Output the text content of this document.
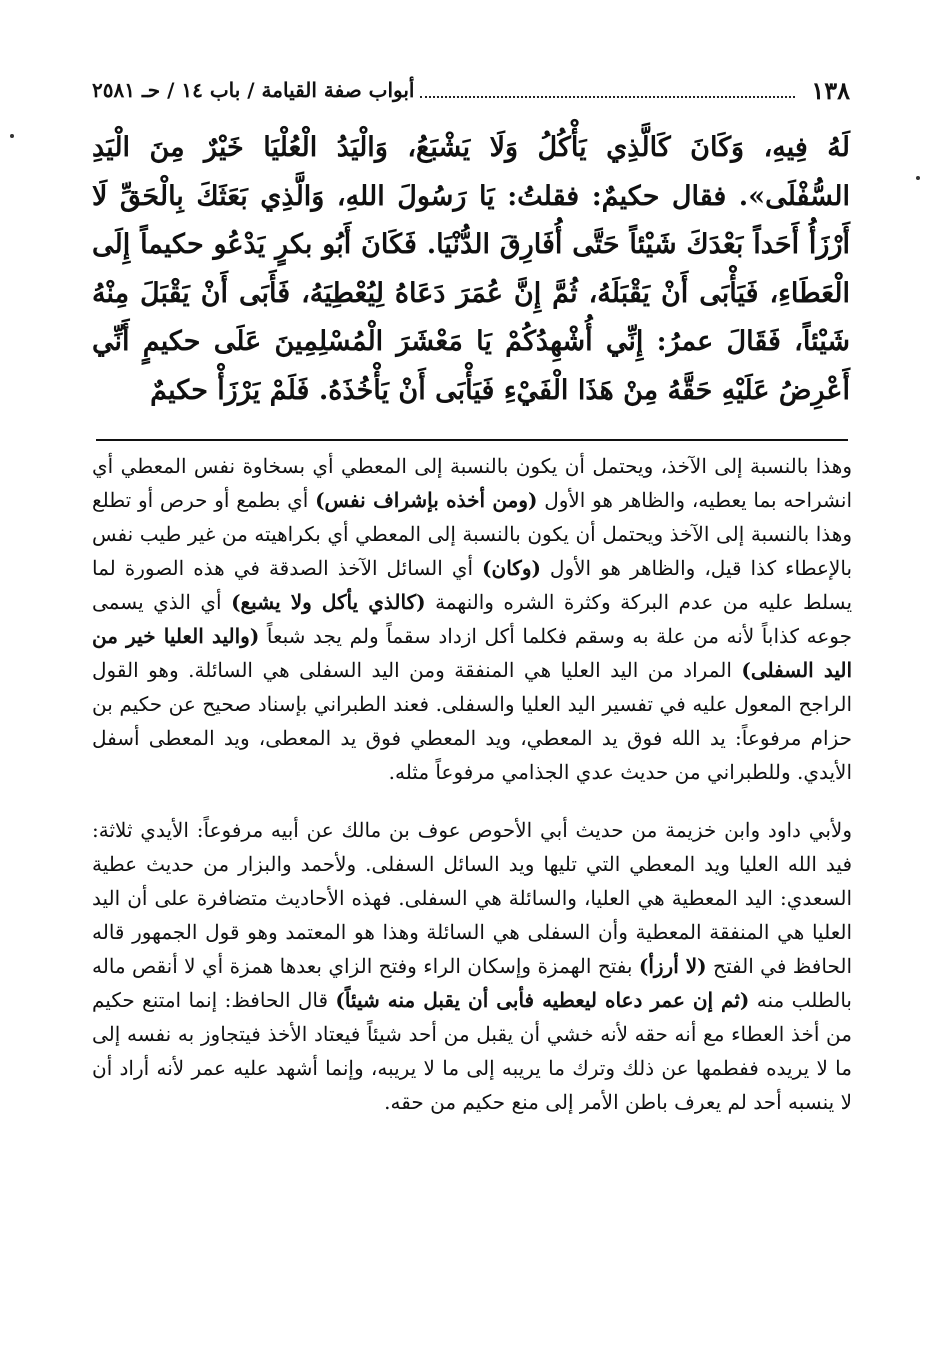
١٣٨
أبواب صفة القيامة / باب ١٤ / حـ ٢٥٨١
لَهُ فِيهِ، وَكَانَ كَالَّذِي يَأْكُلُ وَلَا يَشْبَعُ، وَالْيَدُ الْعُلْيَا خَيْرٌ مِنَ الْيَدِ السُّفْلَى». فقال حكيمٌ: فقلتُ: يَا رَسُولَ اللهِ، وَالَّذِي بَعَثَكَ بِالْحَقِّ لَا أَرْزَأُ أَحَداً بَعْدَكَ شَيْئاً حَتَّى أُفَارِقَ الدُّنْيَا. فَكَانَ أَبُو بكرٍ يَدْعُو حكيماً إِلَى الْعَطَاءِ، فَيَأْبَى أَنْ يَقْبَلَهُ، ثُمَّ إِنَّ عُمَرَ دَعَاهُ لِيُعْطِيَهُ، فَأَبَى أَنْ يَقْبَلَ مِنْهُ شَيْئاً، فَقَالَ عمرُ: إِنِّي أُشْهِدُكُمْ يَا مَعْشَرَ الْمُسْلِمِينَ عَلَى حكيمٍ أَنِّي أَعْرِضُ عَلَيْهِ حَقَّهُ مِنْ هَذَا الْفَيْءِ فَيَأْبَى أَنْ يَأْخُذَهُ. فَلَمْ يَرْزَأْ حكيمٌ

وهذا بالنسبة إلى الآخذ، ويحتمل أن يكون بالنسبة إلى المعطي أي بسخاوة نفس المعطي أي انشراحه بما يعطيه، والظاهر هو الأول (ومن أخذه بإشراف نفس) أي بطمع أو حرص أو تطلع وهذا بالنسبة إلى الآخذ ويحتمل أن يكون بالنسبة إلى المعطي أي بكراهيته من غير طيب نفس بالإعطاء كذا قيل، والظاهر هو الأول (وكان) أي السائل الآخذ الصدقة في هذه الصورة لما يسلط عليه من عدم البركة وكثرة الشره والنهمة (كالذي يأكل ولا يشبع) أي الذي يسمى جوعه كذاباً لأنه من علة به وسقم فكلما أكل ازداد سقماً ولم يجد شبعاً (واليد العليا خير من اليد السفلى) المراد من اليد العليا هي المنفقة ومن اليد السفلى هي السائلة. وهو القول الراجح المعول عليه في تفسير اليد العليا والسفلى. فعند الطبراني بإسناد صحيح عن حكيم بن حزام مرفوعاً: يد الله فوق يد المعطي، ويد المعطي فوق يد المعطى، ويد المعطى أسفل الأيدي. وللطبراني من حديث عدي الجذامي مرفوعاً مثله.

ولأبي داود وابن خزيمة من حديث أبي الأحوص عوف بن مالك عن أبيه مرفوعاً: الأيدي ثلاثة: فيد الله العليا ويد المعطي التي تليها ويد السائل السفلى. ولأحمد والبزار من حديث عطية السعدي: اليد المعطية هي العليا، والسائلة هي السفلى. فهذه الأحاديث متضافرة على أن اليد العليا هي المنفقة المعطية وأن السفلى هي السائلة وهذا هو المعتمد وهو قول الجمهور قاله الحافظ في الفتح (لا أرزأ) بفتح الهمزة وإسكان الراء وفتح الزاي بعدها همزة أي لا أنقص ماله بالطلب منه (ثم إن عمر دعاه ليعطيه فأبى أن يقبل منه شيئاً) قال الحافظ: إنما امتنع حكيم من أخذ العطاء مع أنه حقه لأنه خشي أن يقبل من أحد شيئاً فيعتاد الأخذ فيتجاوز به نفسه إلى ما لا يريده ففطمها عن ذلك وترك ما يريبه إلى ما لا يريبه، وإنما أشهد عليه عمر لأنه أراد أن لا ينسبه أحد لم يعرف باطن الأمر إلى منع حكيم من حقه.
